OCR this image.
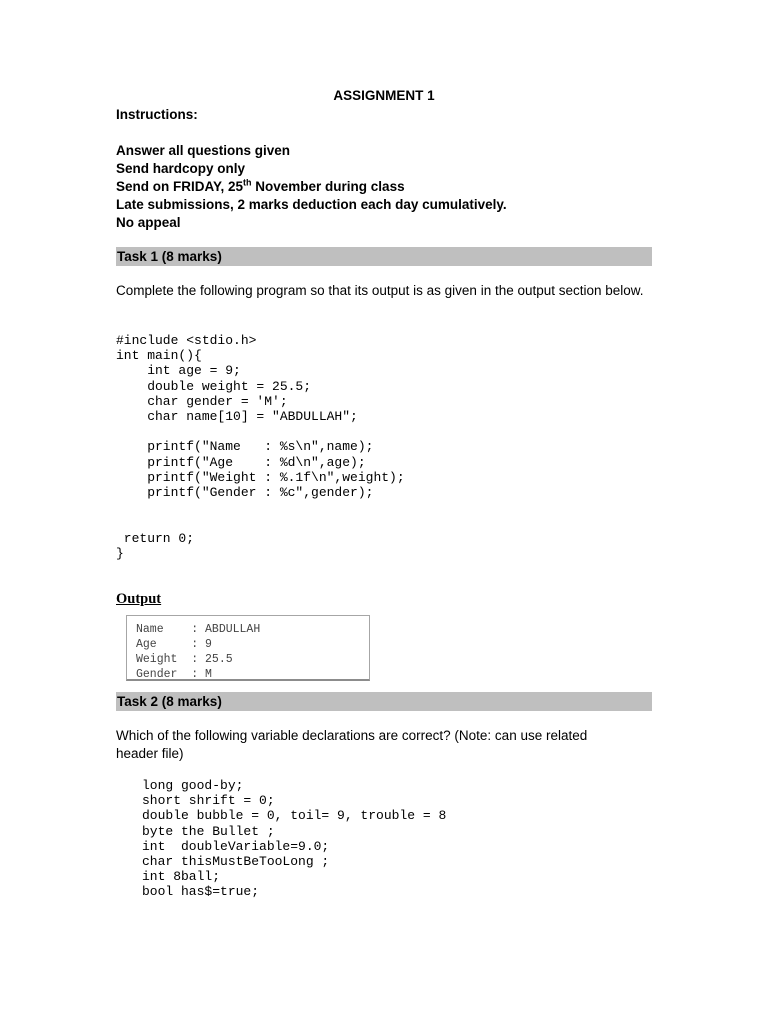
ASSIGNMENT 1
Instructions:
Answer all questions given
Send hardcopy only
Send on FRIDAY, 25th November during class
Late submissions, 2 marks deduction each day cumulatively.
No appeal
Task 1 (8 marks)
Complete the following program so that its output is as given in the output section below.
#include <stdio.h>
int main(){
int age = 9;
double weight = 25.5;
char gender = 'M';
char name[10] = "ABDULLAH";

printf("Name   : %s\n",name);
printf("Age    : %d\n",age);
printf("Weight : %.1f\n",weight);
printf("Gender : %c",gender);

return 0;
}
Output
Name    : ABDULLAH
Age     : 9
Weight  : 25.5
Gender  : M
Task 2 (8 marks)
Which of the following variable declarations are correct? (Note: can use related
header file)
long good-by;
short shrift = 0;
double bubble = 0, toil= 9, trouble = 8
byte the Bullet ;
int  doubleVariable=9.0;
char thisMustBeTooLong ;
int 8ball;
bool has$=true;
